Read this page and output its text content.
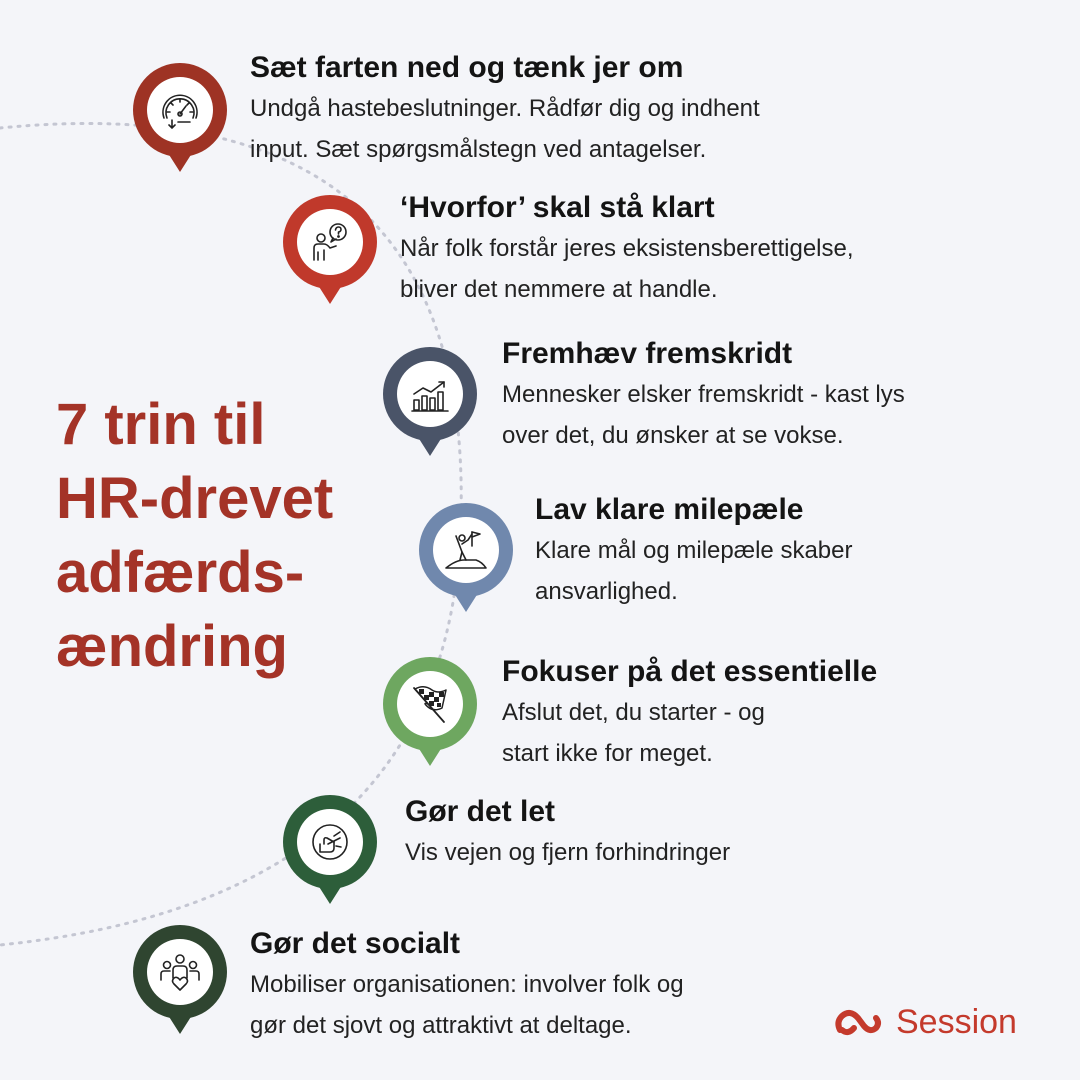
7 trin til
HR-drevet
adfærds-
ændring
Sæt farten ned og tænk jer om
Undgå hastebeslutninger. Rådfør dig og indhent
input. Sæt spørgsmålstegn ved antagelser.
‘Hvorfor’ skal stå klart
Når folk forstår jeres eksistensberettigelse,
bliver det nemmere at handle.
Fremhæv fremskridt
Mennesker elsker fremskridt - kast lys
over det, du ønsker at se vokse.
Lav klare milepæle
Klare mål og milepæle skaber
ansvarlighed.
Fokuser på det essentielle
Afslut det, du starter - og
start ikke for meget.
Gør det let
Vis vejen og fjern forhindringer
Gør det socialt
Mobiliser organisationen: involver folk og
gør det sjovt og attraktivt at deltage.	Session
